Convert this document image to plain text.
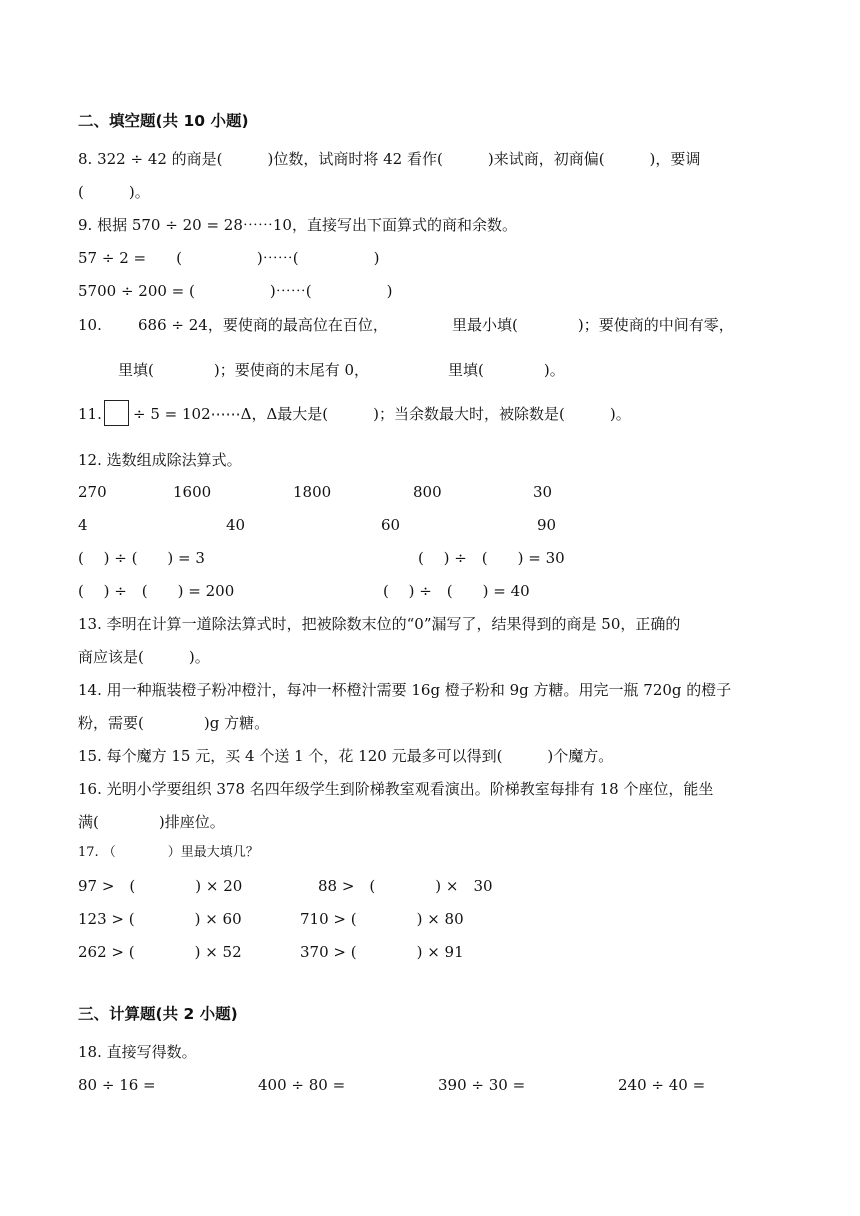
二、填空题(共 10 小题)
8. 322 ÷ 42 的商是(　　　)位数，试商时将 42 看作(　　　)来试商，初商偏(　　　)，要调
(　　　)。
9. 根据 570 ÷ 20 = 28⋯⋯10，直接写出下面算式的商和余数。
57 ÷ 2 =　　(　　　　　)⋯⋯(　　　　　)
5700 ÷ 200 = (　　　　　)⋯⋯(　　　　　)
10. 686 ÷ 24，要使商的最高位在百位，	里最小填(　　　　)；要使商的中间有零，
里填(　　　　)；要使商的末尾有 0，	里填(　　　　)。
11. ÷ 5 = 102⋯⋯Δ，Δ最大是(　　　)；当余数最大时，被除数是(　　　)。
12. 选数组成除法算式。
270	1600	1800	800	30
4	40	60	90
(　 ) ÷ (　　) = 3	(　 ) ÷　(　　) = 30
(　 ) ÷　(　　) = 200	(　 ) ÷　(　　) = 40
13. 李明在计算一道除法算式时，把被除数末位的“0”漏写了，结果得到的商是 50，正确的
商应该是(　　　)。
14. 用一种瓶装橙子粉冲橙汁，每冲一杯橙汁需要 16g 橙子粉和 9g 方糖。用完一瓶 720g 的橙子
粉，需要(　　　　)g 方糖。
15. 每个魔方 15 元，买 4 个送 1 个，花 120 元最多可以得到(　　　)个魔方。
16. 光明小学要组织 378 名四年级学生到阶梯教室观看演出。阶梯教室每排有 18 个座位，能坐
满(　　　　)排座位。
17. （　　　　）里最大填几？
97 >　(　　　　) × 20	88 >　(　　　　) ×　30
123 > (　　　　) × 60	710 > (　　　　) × 80
262 > (　　　　) × 52	370 > (　　　　) × 91
三、计算题(共 2 小题)
18. 直接写得数。
80 ÷ 16 =	400 ÷ 80 =	390 ÷ 30 =	240 ÷ 40 =
